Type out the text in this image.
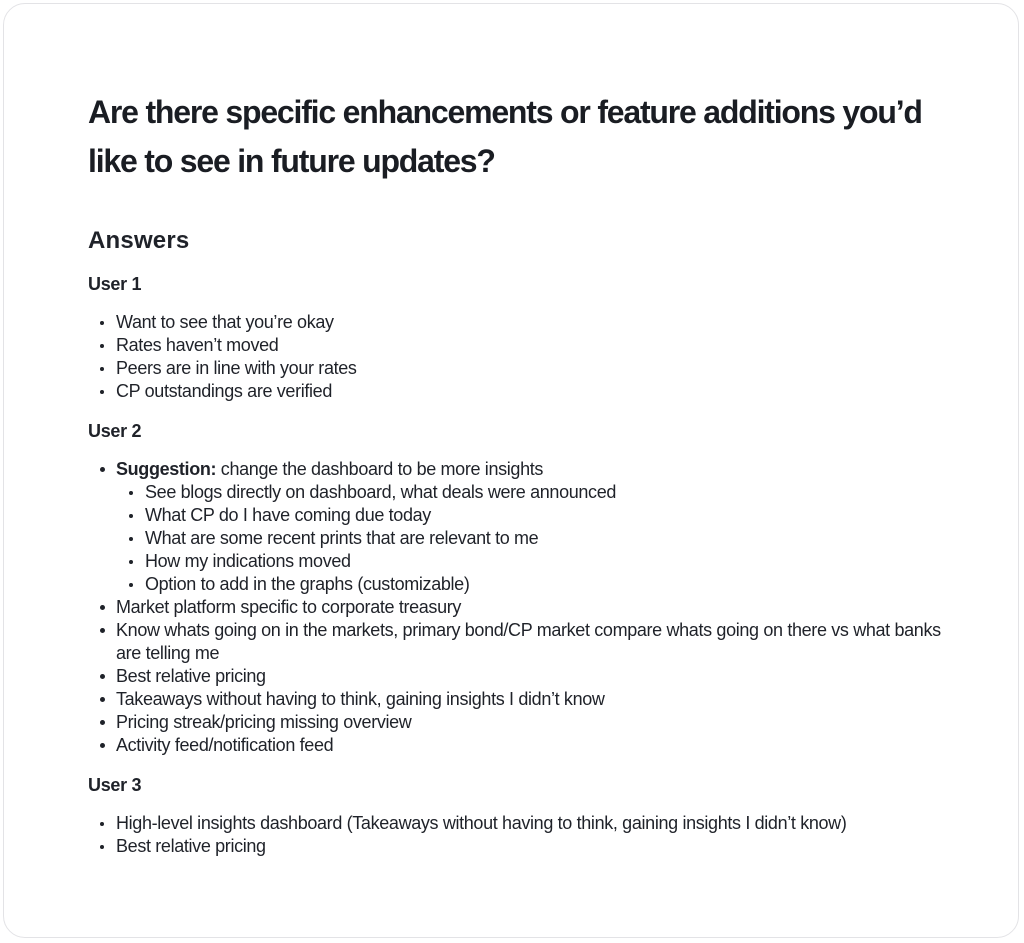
Are there specific enhancements or feature additions you’d like to see in future updates?
Answers
User 1
Want to see that you’re okay
Rates haven’t moved
Peers are in line with your rates
CP outstandings are verified
User 2
Suggestion: change the dashboard to be more insights
See blogs directly on dashboard, what deals were announced
What CP do I have coming due today
What are some recent prints that are relevant to me
How my indications moved
Option to add in the graphs (customizable)
Market platform specific to corporate treasury
Know whats going on in the markets, primary bond/CP market compare whats going on there vs what banks are telling me
Best relative pricing
Takeaways without having to think, gaining insights I didn’t know
Pricing streak/pricing missing overview
Activity feed/notification feed
User 3
High-level insights dashboard (Takeaways without having to think, gaining insights I didn’t know)
Best relative pricing
